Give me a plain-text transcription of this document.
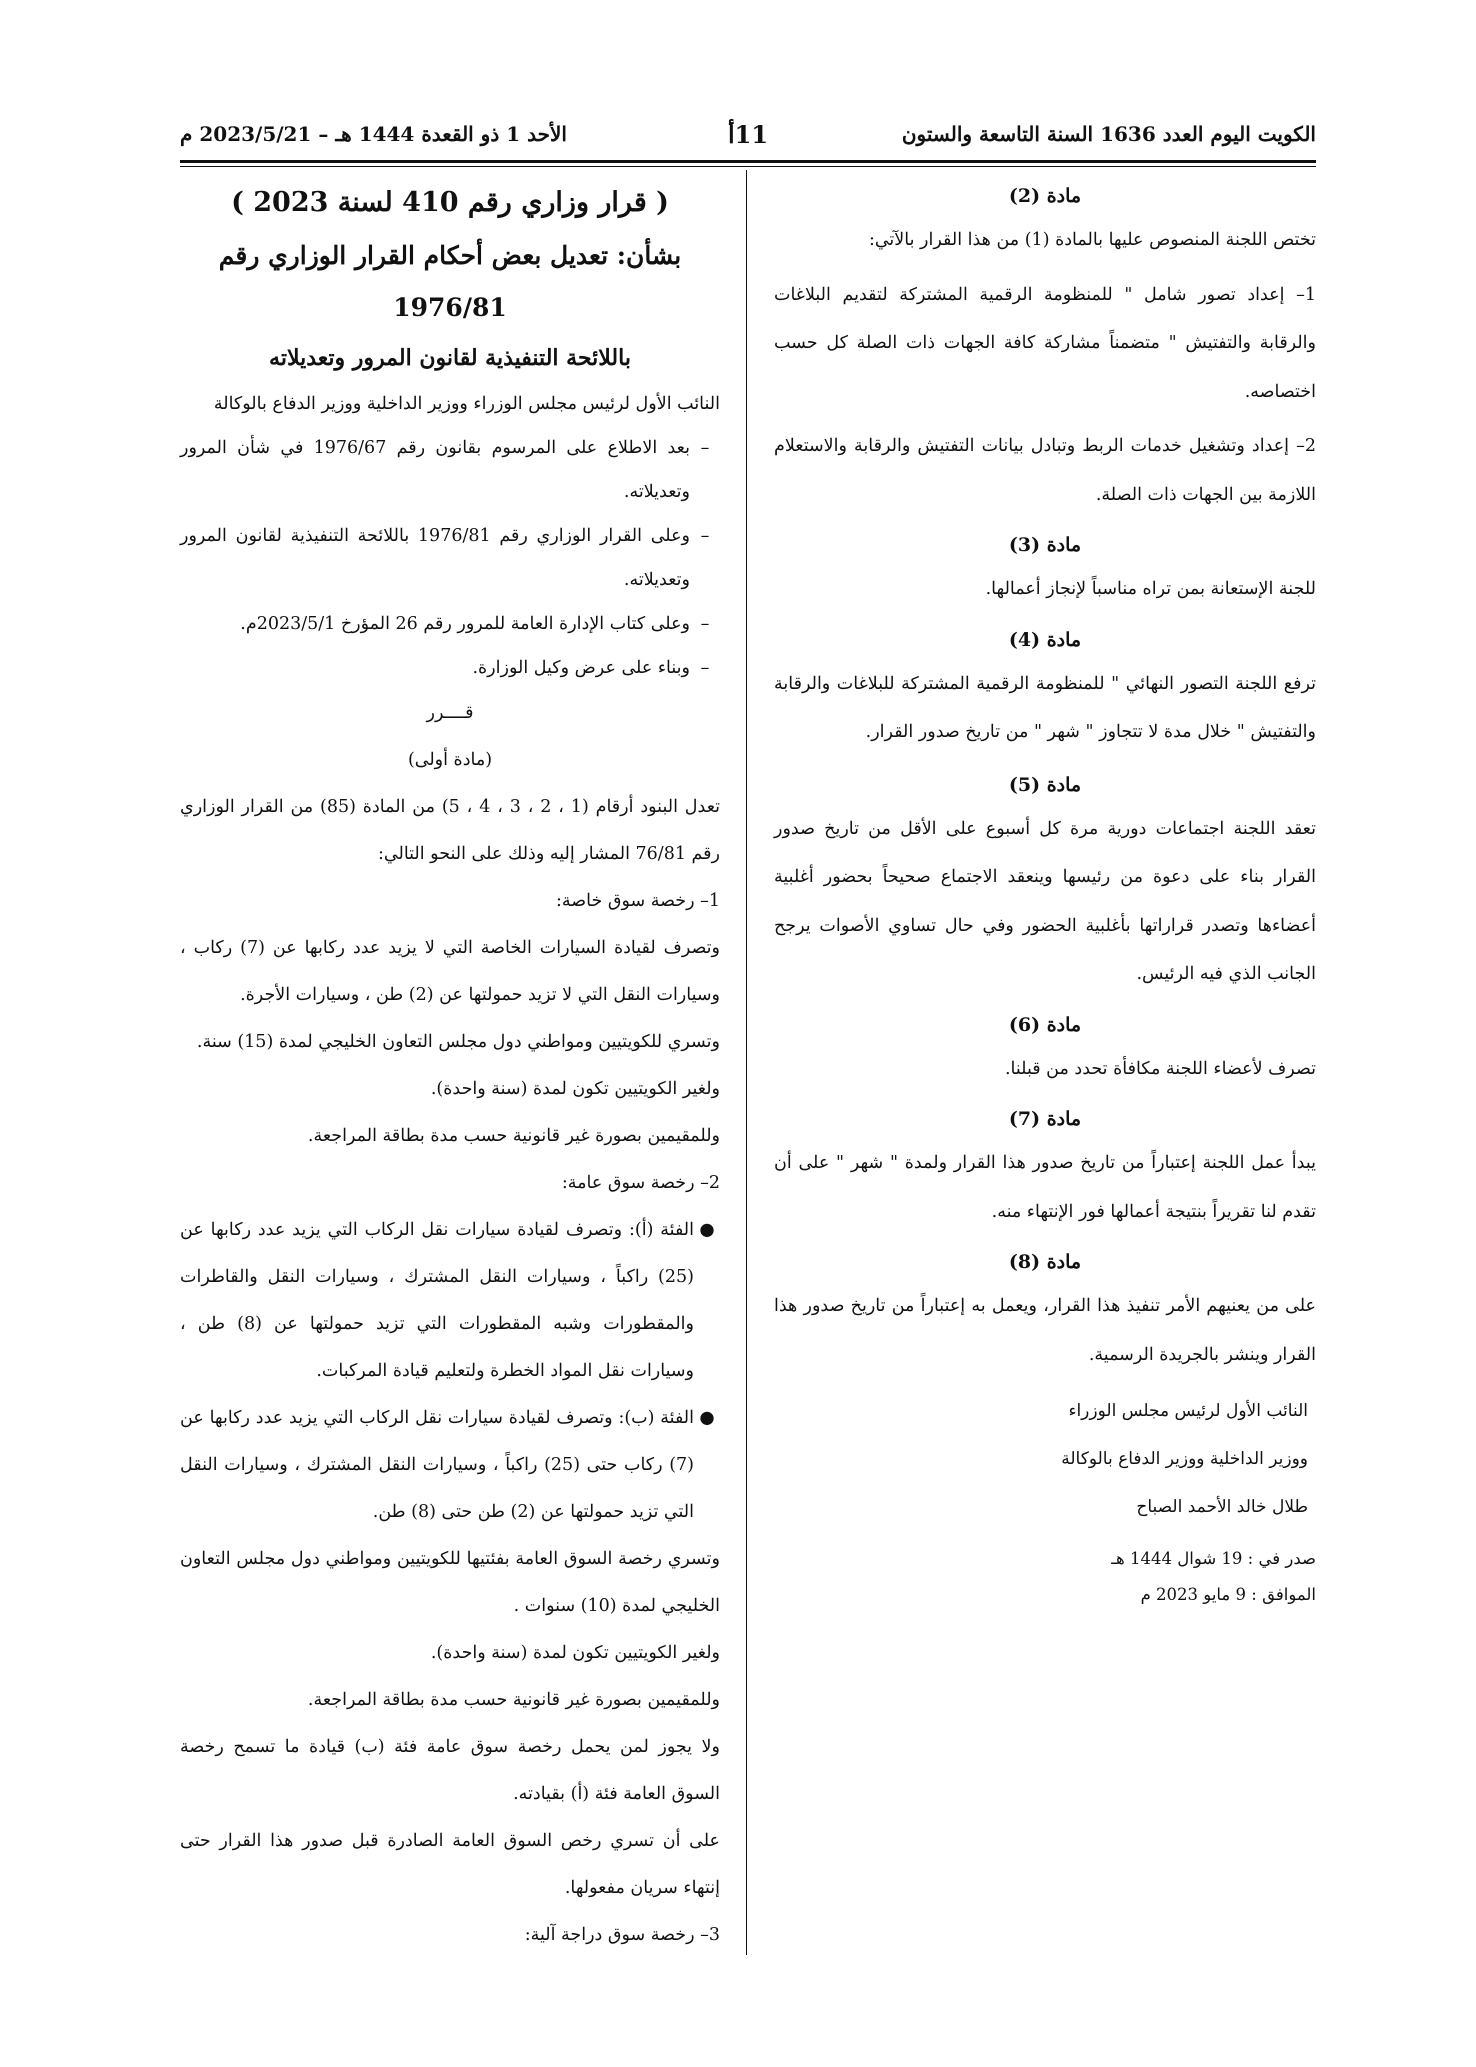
الكويت اليوم العدد 1636 السنة التاسعة والستون
11أ
الأحد 1 ذو القعدة 1444 هـ – 2023/5/21 م

مادة (2)

تختص اللجنة المنصوص عليها بالمادة (1) من هذا القرار بالآتي:

1– إعداد تصور شامل " للمنظومة الرقمية المشتركة لتقديم البلاغات والرقابة والتفتيش " متضمناً مشاركة كافة الجهات ذات الصلة كل حسب اختصاصه.

2– إعداد وتشغيل خدمات الربط وتبادل بيانات التفتيش والرقابة والاستعلام اللازمة بين الجهات ذات الصلة.

مادة (3)

للجنة الإستعانة بمن تراه مناسباً لإنجاز أعمالها.

مادة (4)

ترفع اللجنة التصور النهائي " للمنظومة الرقمية المشتركة للبلاغات والرقابة والتفتيش " خلال مدة لا تتجاوز " شهر " من تاريخ صدور القرار.

مادة (5)

تعقد اللجنة اجتماعات دورية مرة كل أسبوع على الأقل من تاريخ صدور القرار بناء على دعوة من رئيسها وينعقد الاجتماع صحيحاً بحضور أغلبية أعضاءها وتصدر قراراتها بأغلبية الحضور وفي حال تساوي الأصوات يرجح الجانب الذي فيه الرئيس.

مادة (6)

تصرف لأعضاء اللجنة مكافأة تحدد من قبلنا.

مادة (7)

يبدأ عمل اللجنة إعتباراً من تاريخ صدور هذا القرار ولمدة " شهر " على أن تقدم لنا تقريراً بنتيجة أعمالها فور الإنتهاء منه.

مادة (8)

على من يعنيهم الأمر تنفيذ هذا القرار، ويعمل به إعتباراً من تاريخ صدور هذا القرار وينشر بالجريدة الرسمية.

النائب الأول لرئيس مجلس الوزراء

ووزير الداخلية ووزير الدفاع بالوكالة

طلال خالد الأحمد الصباح

صدر في : 19 شوال 1444 هـ

الموافق : 9 مايو 2023 م

( قرار وزاري رقم 410 لسنة 2023 )

بشأن: تعديل بعض أحكام القرار الوزاري رقم

1976/81

باللائحة التنفيذية لقانون المرور وتعديلاته

النائب الأول لرئيس مجلس الوزراء ووزير الداخلية ووزير الدفاع بالوكالة

–بعد الاطلاع على المرسوم بقانون رقم 1976/67 في شأن المرور وتعديلاته.

–وعلى القرار الوزاري رقم 1976/81 باللائحة التنفيذية لقانون المرور وتعديلاته.

–وعلى كتاب الإدارة العامة للمرور رقم 26 المؤرخ 2023/5/1م.

–وبناء على عرض وكيل الوزارة.

قــــرر

(مادة أولى)

تعدل البنود أرقام (1 ، 2 ، 3 ، 4 ، 5) من المادة (85) من القرار الوزاري رقم 76/81 المشار إليه وذلك على النحو التالي:

1– رخصة سوق خاصة:

وتصرف لقيادة السيارات الخاصة التي لا يزيد عدد ركابها عن (7) ركاب ، وسيارات النقل التي لا تزيد حمولتها عن (2) طن ، وسيارات الأجرة.

وتسري للكويتيين ومواطني دول مجلس التعاون الخليجي لمدة (15) سنة.

ولغير الكويتيين تكون لمدة (سنة واحدة).

وللمقيمين بصورة غير قانونية حسب مدة بطاقة المراجعة.

2– رخصة سوق عامة:

●الفئة (أ): وتصرف لقيادة سيارات نقل الركاب التي يزيد عدد ركابها عن (25) راكباً ، وسيارات النقل المشترك ، وسيارات النقل والقاطرات والمقطورات وشبه المقطورات التي تزيد حمولتها عن (8) طن ، وسيارات نقل المواد الخطرة ولتعليم قيادة المركبات.

●الفئة (ب): وتصرف لقيادة سيارات نقل الركاب التي يزيد عدد ركابها عن (7) ركاب حتى (25) راكباً ، وسيارات النقل المشترك ، وسيارات النقل التي تزيد حمولتها عن (2) طن حتى (8) طن.

وتسري رخصة السوق العامة بفئتيها للكويتيين ومواطني دول مجلس التعاون الخليجي لمدة (10) سنوات .

ولغير الكويتيين تكون لمدة (سنة واحدة).

وللمقيمين بصورة غير قانونية حسب مدة بطاقة المراجعة.

ولا يجوز لمن يحمل رخصة سوق عامة فئة (ب) قيادة ما تسمح رخصة السوق العامة فئة (أ) بقيادته.

على أن تسري رخص السوق العامة الصادرة قبل صدور هذا القرار حتى إنتهاء سريان مفعولها.

3– رخصة سوق دراجة آلية:
